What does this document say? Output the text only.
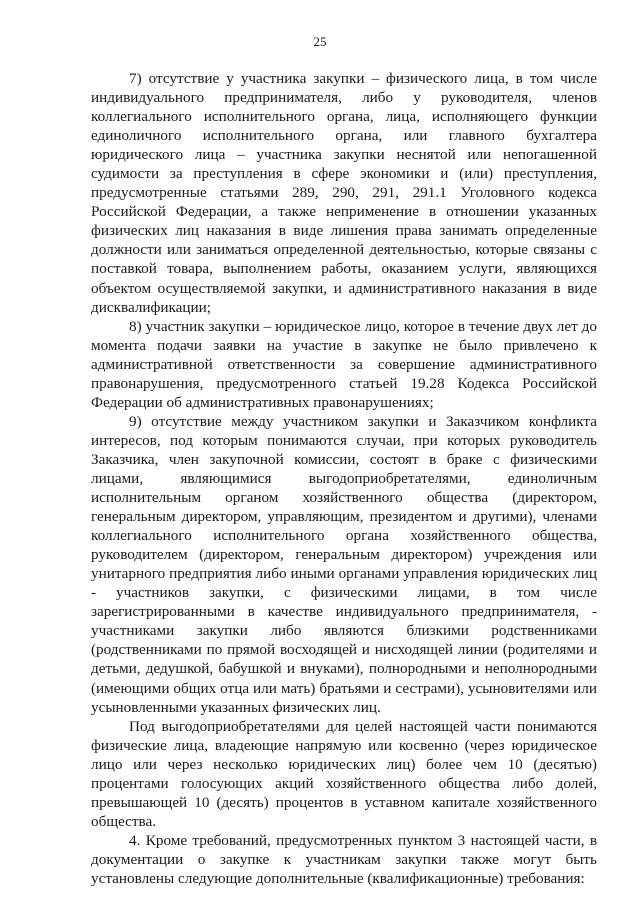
25

7) отсутствие у участника закупки – физического лица, в том числе индивидуального предпринимателя, либо у руководителя, членов коллегиального исполнительного органа, лица, исполняющего функции единоличного исполнительного органа, или главного бухгалтера юридического лица – участника закупки неснятой или непогашенной судимости за преступления в сфере экономики и (или) преступления, предусмотренные статьями 289, 290, 291, 291.1 Уголовного кодекса Российской Федерации, а также неприменение в отношении указанных физических лиц наказания в виде лишения права занимать определенные должности или заниматься определенной деятельностью, которые связаны с поставкой товара, выполнением работы, оказанием услуги, являющихся объектом осуществляемой закупки, и административного наказания в виде дисквалификации;

8) участник закупки – юридическое лицо, которое в течение двух лет до момента подачи заявки на участие в закупке не было привлечено к административной ответственности за совершение административного правонарушения, предусмотренного статьей 19.28 Кодекса Российской Федерации об административных правонарушениях;

9) отсутствие между участником закупки и Заказчиком конфликта интересов, под которым понимаются случаи, при которых руководитель Заказчика, член закупочной комиссии, состоят в браке с физическими лицами, являющимися выгодоприобретателями, единоличным исполнительным органом хозяйственного общества (директором, генеральным директором, управляющим, президентом и другими), членами коллегиального исполнительного органа хозяйственного общества, руководителем (директором, генеральным директором) учреждения или унитарного предприятия либо иными органами управления юридических лиц - участников закупки, с физическими лицами, в том числе зарегистрированными в качестве индивидуального предпринимателя, - участниками закупки либо являются близкими родственниками (родственниками по прямой восходящей и нисходящей линии (родителями и детьми, дедушкой, бабушкой и внуками), полнородными и неполнородными (имеющими общих отца или мать) братьями и сестрами), усыновителями или усыновленными указанных физических лиц.

Под выгодоприобретателями для целей настоящей части понимаются физические лица, владеющие напрямую или косвенно (через юридическое лицо или через несколько юридических лиц) более чем 10 (десятью) процентами голосующих акций хозяйственного общества либо долей, превышающей 10 (десять) процентов в уставном капитале хозяйственного общества.

4. Кроме требований, предусмотренных пунктом 3 настоящей части, в документации о закупке к участникам закупки также могут быть установлены следующие дополнительные (квалификационные) требования:
